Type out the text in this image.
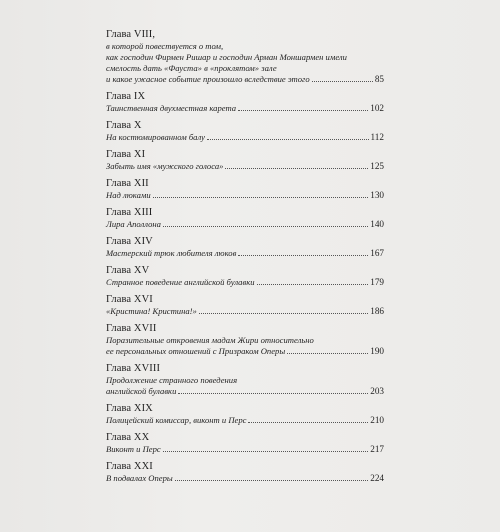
Глава VIII,
в которой повествуется о том,
как господин Фирмен Ришар и господин Арман Моншармен имели
смелость дать «Фауста» в «проклятом» зале
и какое ужасное событие произошло вследствие этого	85
Глава IX
Таинственная двухместная карета	102
Глава X
На костюмированном балу	112
Глава XI
Забыть имя «мужского голоса»	125
Глава XII
Над люками	130
Глава XIII
Лира Аполлона	140
Глава XIV
Мастерский трюк любителя люков	167
Глава XV
Странное поведение английской булавки	179
Глава XVI
«Кристина! Кристина!»	186
Глава XVII
Поразительные откровения мадам Жири относительно
ее персональных отношений с Призраком Оперы	190
Глава XVIII
Продолжение странного поведения
английской булавки	203
Глава XIX
Полицейский комиссар, виконт и Перс	210
Глава XX
Виконт и Перс	217
Глава XXI
В подвалах Оперы	224
